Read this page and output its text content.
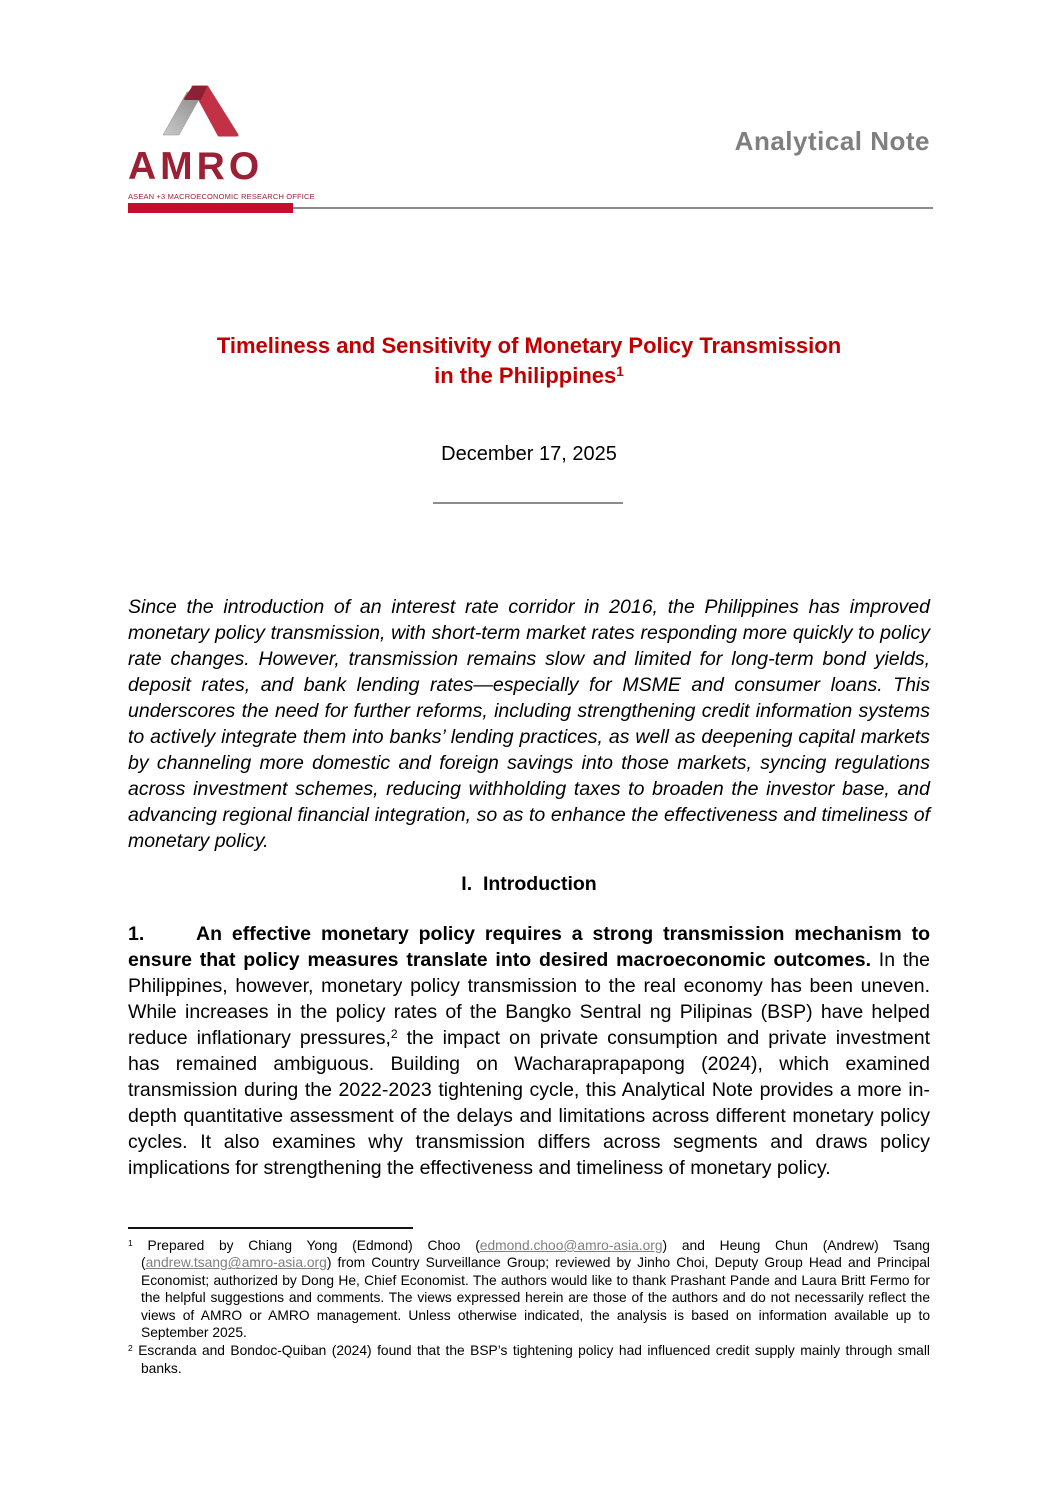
AMRO
ASEAN +3 MACROECONOMIC RESEARCH OFFICE
Analytical Note
Timeliness and Sensitivity of Monetary Policy Transmission
in the Philippines$^1$
December 17, 2025

Since the introduction of an interest rate corridor in 2016, the Philippines has improved monetary policy transmission, with short-term market rates responding more quickly to policy rate changes. However, transmission remains slow and limited for long-term bond yields, deposit rates, and bank lending rates—especially for MSME and consumer loans. This underscores the need for further reforms, including strengthening credit information systems to actively integrate them into banks’ lending practices, as well as deepening capital markets by channeling more domestic and foreign savings into those markets, syncing regulations across investment schemes, reducing withholding taxes to broaden the investor base, and advancing regional financial integration, so as to enhance the effectiveness and timeliness of monetary policy.

I.  Introduction

1.	An effective monetary policy requires a strong transmission mechanism to ensure that policy measures translate into desired macroeconomic outcomes. In the Philippines, however, monetary policy transmission to the real economy has been uneven. While increases in the policy rates of the Bangko Sentral ng Pilipinas (BSP) have helped reduce inflationary pressures,$^2$ the impact on private consumption and private investment has remained ambiguous. Building on Wacharaprapapong (2024), which examined transmission during the 2022-2023 tightening cycle, this Analytical Note provides a more in-depth quantitative assessment of the delays and limitations across different monetary policy cycles. It also examines why transmission differs across segments and draws policy implications for strengthening the effectiveness and timeliness of monetary policy.

$^1$ Prepared by Chiang Yong (Edmond) Choo (edmond.choo@amro-asia.org) and Heung Chun (Andrew) Tsang (andrew.tsang@amro-asia.org) from Country Surveillance Group; reviewed by Jinho Choi, Deputy Group Head and Principal Economist; authorized by Dong He, Chief Economist. The authors would like to thank Prashant Pande and Laura Britt Fermo for the helpful suggestions and comments. The views expressed herein are those of the authors and do not necessarily reflect the views of AMRO or AMRO management. Unless otherwise indicated, the analysis is based on information available up to September 2025.
$^2$ Escranda and Bondoc-Quiban (2024) found that the BSP’s tightening policy had influenced credit supply mainly through small banks.
